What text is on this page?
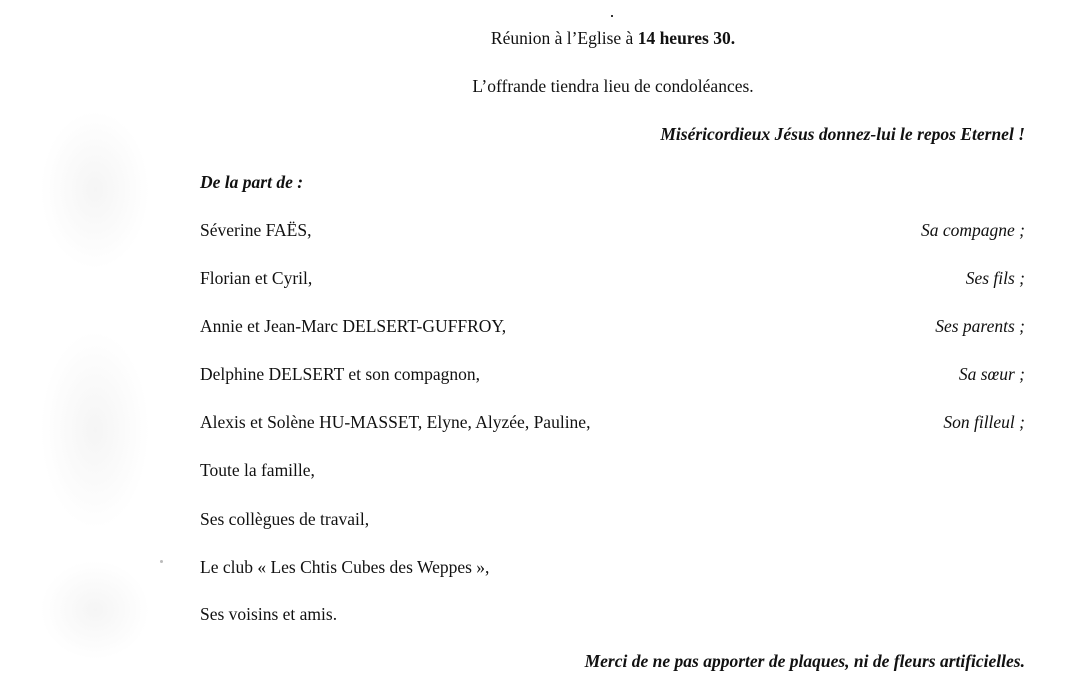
Réunion à l’Eglise à 14 heures 30.
L’offrande tiendra lieu de condoléances.
Miséricordieux Jésus donnez-lui le repos Eternel !
De la part de :
Séverine FAËS,	Sa compagne ;
Florian et Cyril,	Ses fils ;
Annie et Jean-Marc DELSERT-GUFFROY,	Ses parents ;
Delphine DELSERT et son compagnon,	Sa sœur ;
Alexis et Solène HU-MASSET, Elyne, Alyzée, Pauline,	Son filleul ;
Toute la famille,
Ses collègues de travail,
Le club « Les Chtis Cubes des Weppes »,
Ses voisins et amis.
Merci de ne pas apporter de plaques, ni de fleurs artificielles.
